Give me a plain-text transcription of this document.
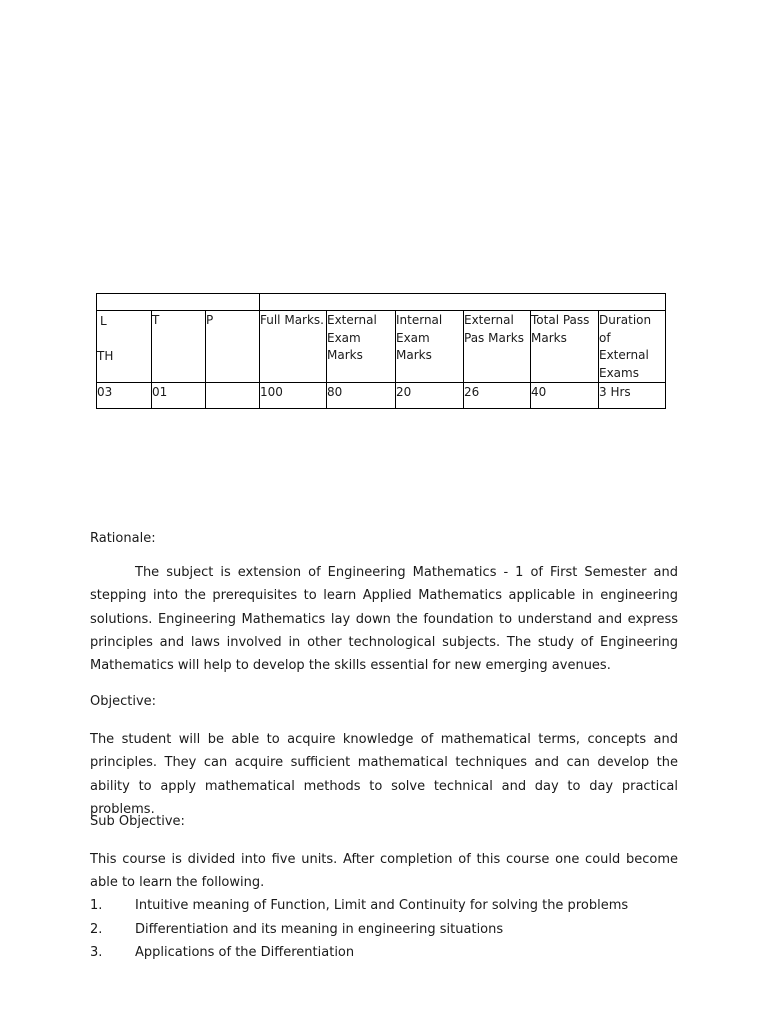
L

TH	T	P	Full Marks.	External
Exam
Marks	Internal
Exam
Marks	External
Pas Marks	Total Pass
Marks	Duration of
External
Exams
03	01		100	80	20	26	40	3 Hrs

Rationale:

The subject is extension of Engineering Mathematics - 1 of First Semester and stepping into the prerequisites to learn Applied Mathematics applicable in engineering solutions. Engineering Mathematics lay down the foundation to understand and express principles and laws involved in other technological subjects. The study of Engineering Mathematics will help to develop the skills essential for new emerging avenues.

Objective:

The student will be able to acquire knowledge of mathematical terms, concepts and principles. They can acquire sufficient mathematical techniques and can develop the ability to apply mathematical methods to solve technical and day to day practical problems.

Sub Objective:

This course is divided into five units. After completion of this course one could become able to learn the following.

1.	Intuitive meaning of Function, Limit and Continuity for solving the problems
2.	Differentiation and its meaning in engineering situations
3.	Applications of the Differentiation
